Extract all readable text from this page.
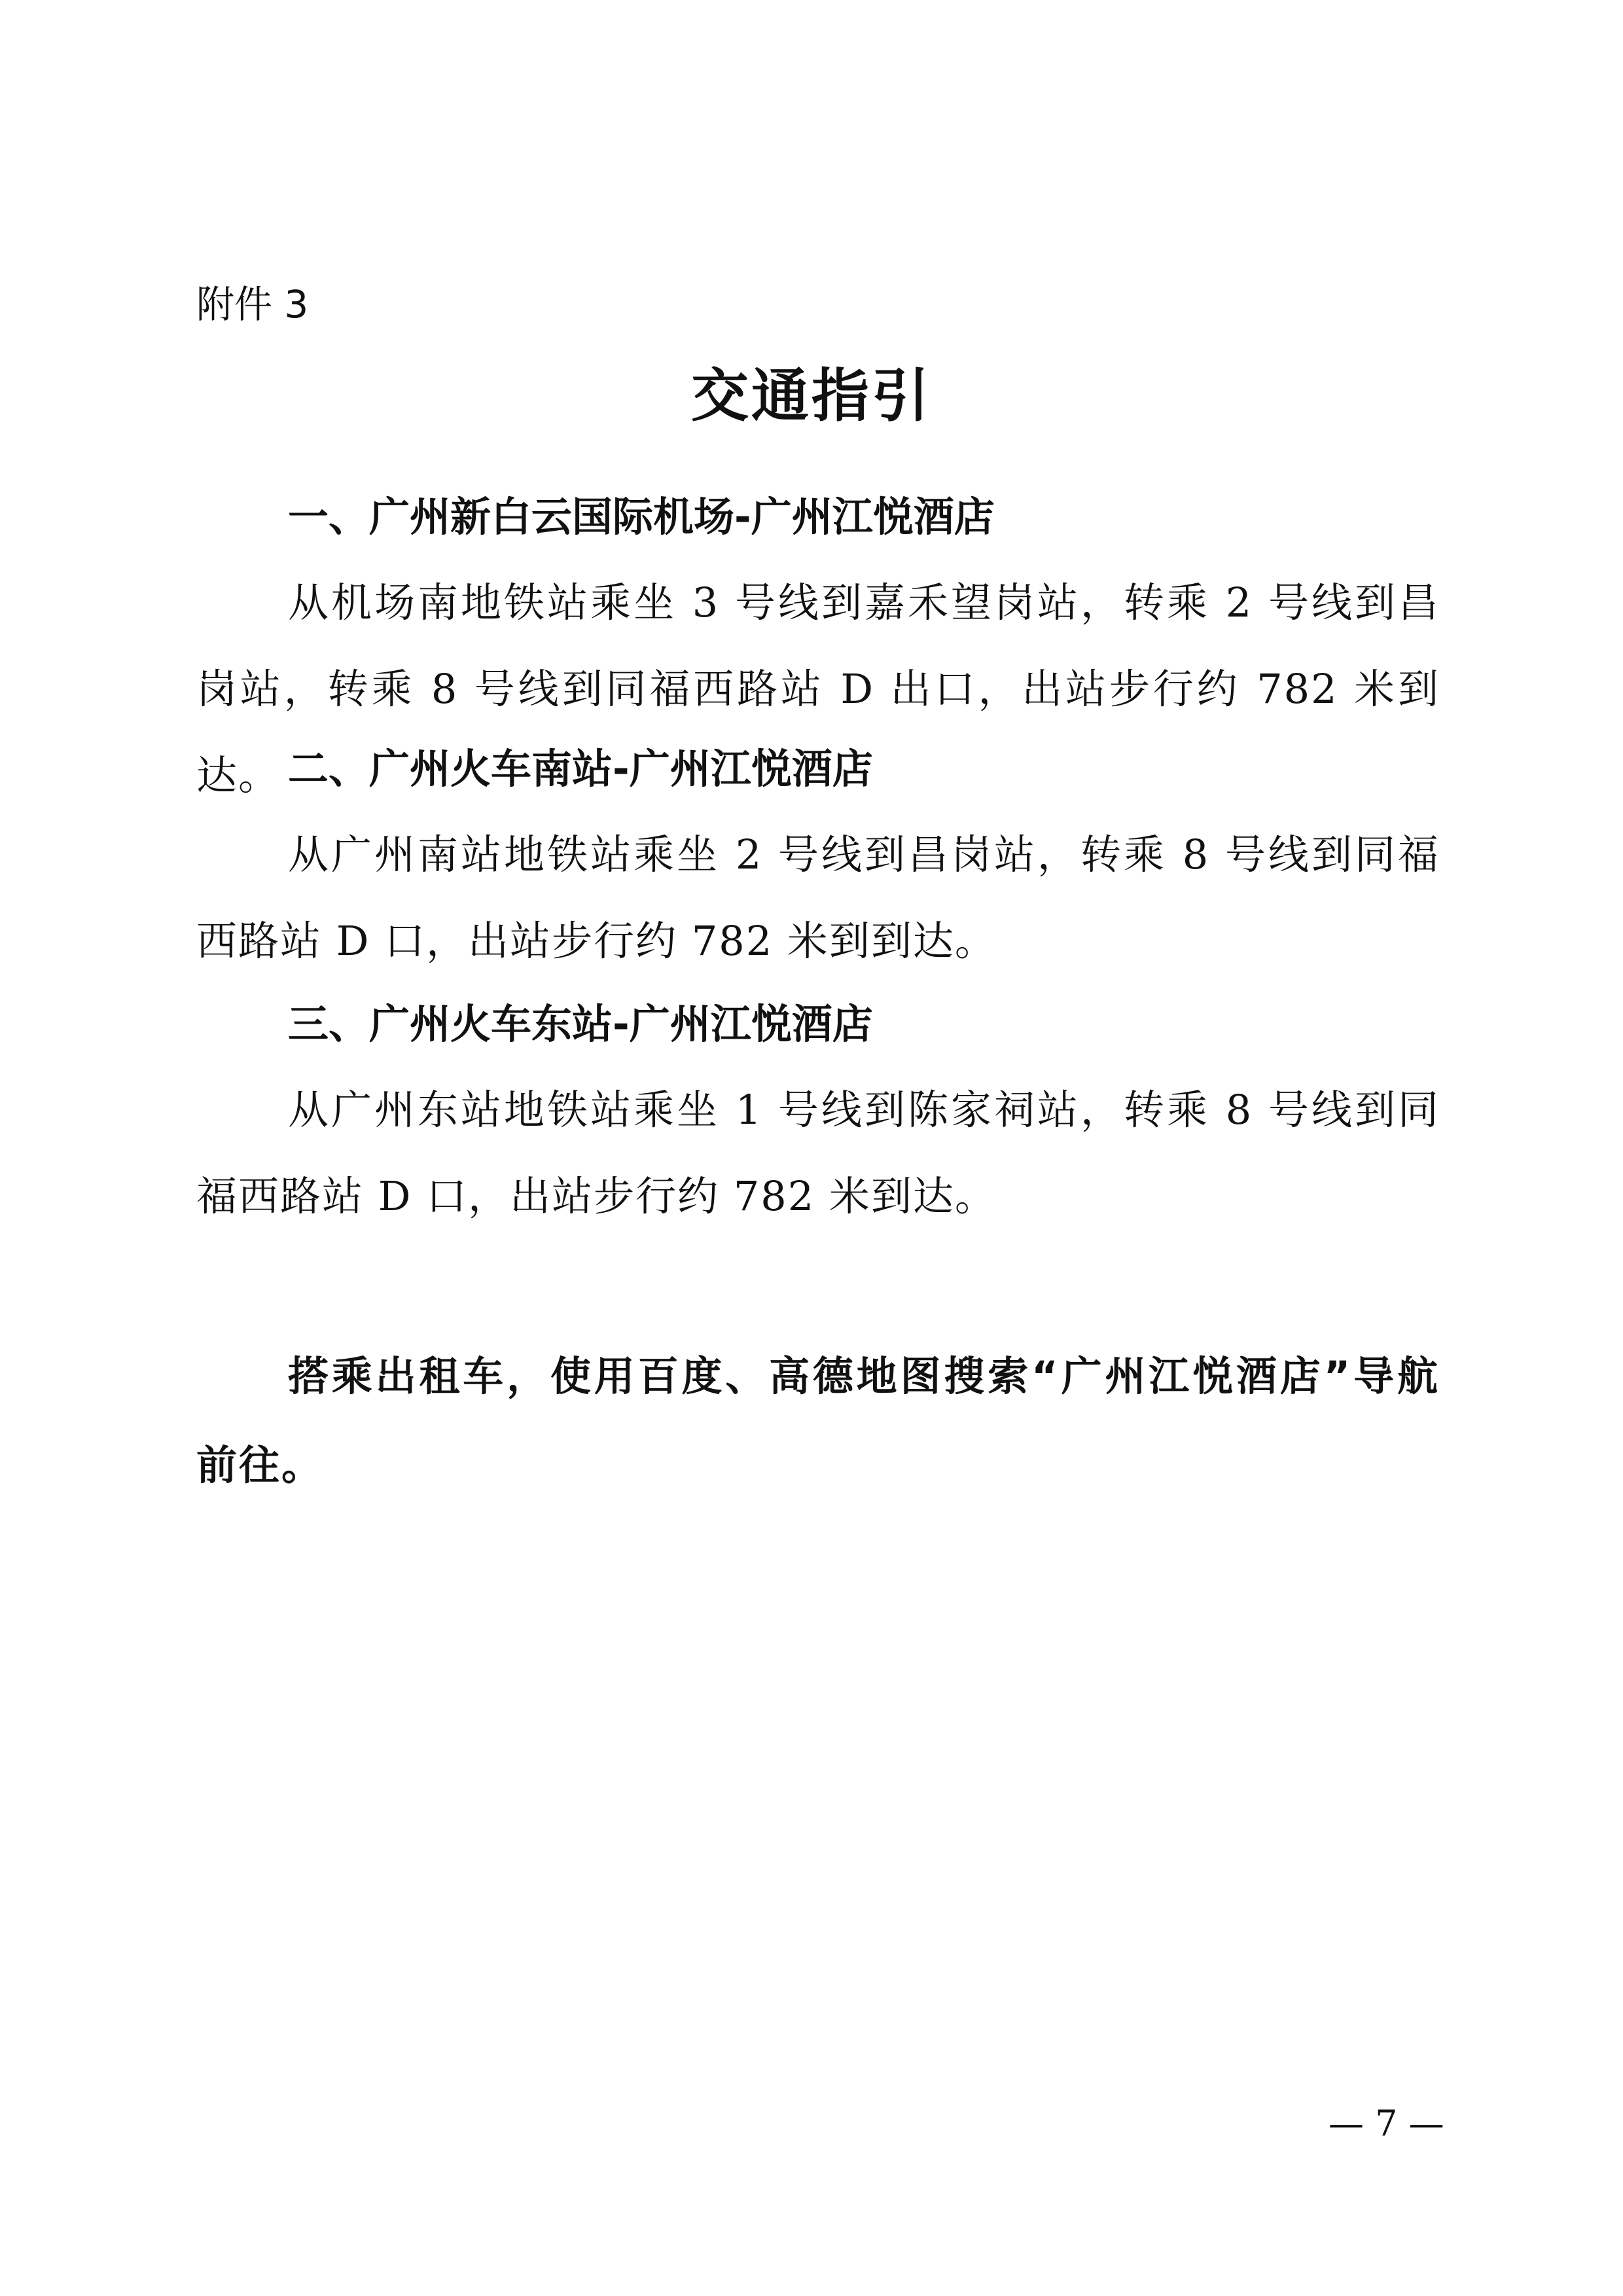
附件 3
交通指引
一、广州新白云国际机场-广州江悦酒店
从机场南地铁站乘坐 3 号线到嘉禾望岗站，转乘 2 号线到昌岗站，转乘 8 号线到同福西路站 D 出口，出站步行约 782 米到达。 二、广州火车南站-广州江悦酒店
从广州南站地铁站乘坐 2 号线到昌岗站，转乘 8 号线到同福西路站 D 口，出站步行约 782 米到到达。
三、广州火车东站-广州江悦酒店
从广州东站地铁站乘坐 1 号线到陈家祠站，转乘 8 号线到同福西路站 D 口，出站步行约 782 米到达。
搭乘出租车，使用百度、高德地图搜索“广州江悦酒店”导航前往。
— 7 —
